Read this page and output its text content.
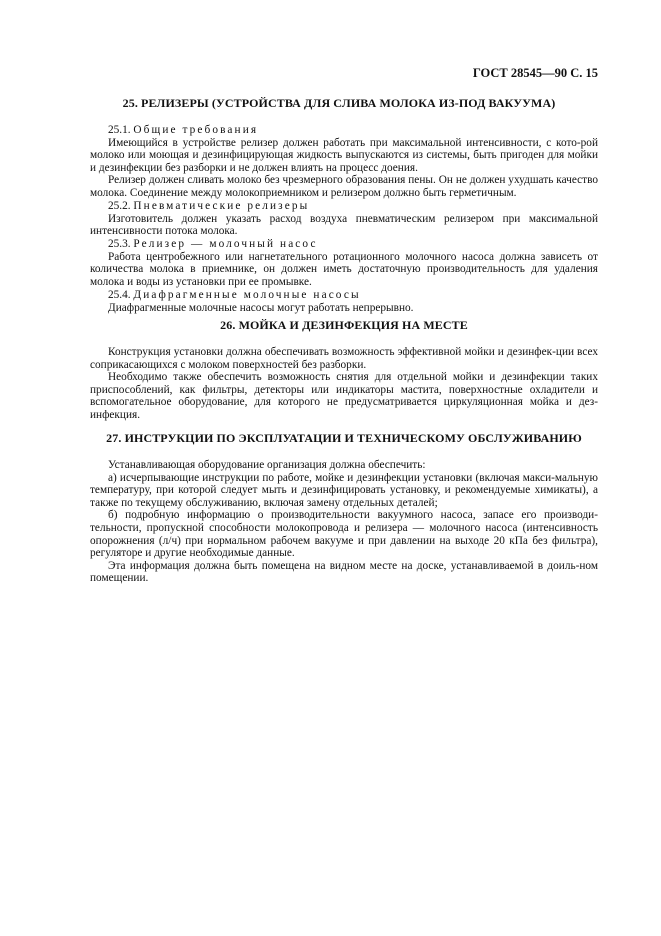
ГОСТ 28545—90 С. 15
25. РЕЛИЗЕРЫ (УСТРОЙСТВА ДЛЯ СЛИВА МОЛОКА ИЗ-ПОД ВАКУУМА)

25.1. Общие требования

Имеющийся в устройстве релизер должен работать при максимальной интенсивности, с кото-рой молоко или моющая и дезинфицирующая жидкость выпускаются из системы, быть пригоден для мойки и дезинфекции без разборки и не должен влиять на процесс доения.

Релизер должен сливать молоко без чрезмерного образования пены. Он не должен ухудшать качество молока. Соединение между молокоприемником и релизером должно быть герметичным.

25.2. Пневматические релизеры

Изготовитель должен указать расход воздуха пневматическим релизером при максимальной интенсивности потока молока.

25.3. Релизер — молочный насос

Работа центробежного или нагнетательного ротационного молочного насоса должна зависеть от количества молока в приемнике, он должен иметь достаточную производительность для удаления молока и воды из установки при ее промывке.

25.4. Диафрагменные молочные насосы

Диафрагменные молочные насосы могут работать непрерывно.

26. МОЙКА И ДЕЗИНФЕКЦИЯ НА МЕСТЕ

Конструкция установки должна обеспечивать возможность эффективной мойки и дезинфек-ции всех соприкасающихся с молоком поверхностей без разборки.

Необходимо также обеспечить возможность снятия для отдельной мойки и дезинфекции таких приспособлений, как фильтры, детекторы или индикаторы мастита, поверхностные охладители и вспомогательное оборудование, для которого не предусматривается циркуляционная мойка и дез-инфекция.

27. ИНСТРУКЦИИ ПО ЭКСПЛУАТАЦИИ И ТЕХНИЧЕСКОМУ ОБСЛУЖИВАНИЮ

Устанавливающая оборудование организация должна обеспечить:

а) исчерпывающие инструкции по работе, мойке и дезинфекции установки (включая макси-мальную температуру, при которой следует мыть и дезинфицировать установку, и рекомендуемые химикаты), а также по текущему обслуживанию, включая замену отдельных деталей;

б) подробную информацию о производительности вакуумного насоса, запасе его производи-тельности, пропускной способности молокопровода и релизера — молочного насоса (интенсивность опорожнения (л/ч) при нормальном рабочем вакууме и при давлении на выходе 20 кПа без фильтра), регуляторе и другие необходимые данные.

Эта информация должна быть помещена на видном месте на доске, устанавливаемой в доиль-ном помещении.
